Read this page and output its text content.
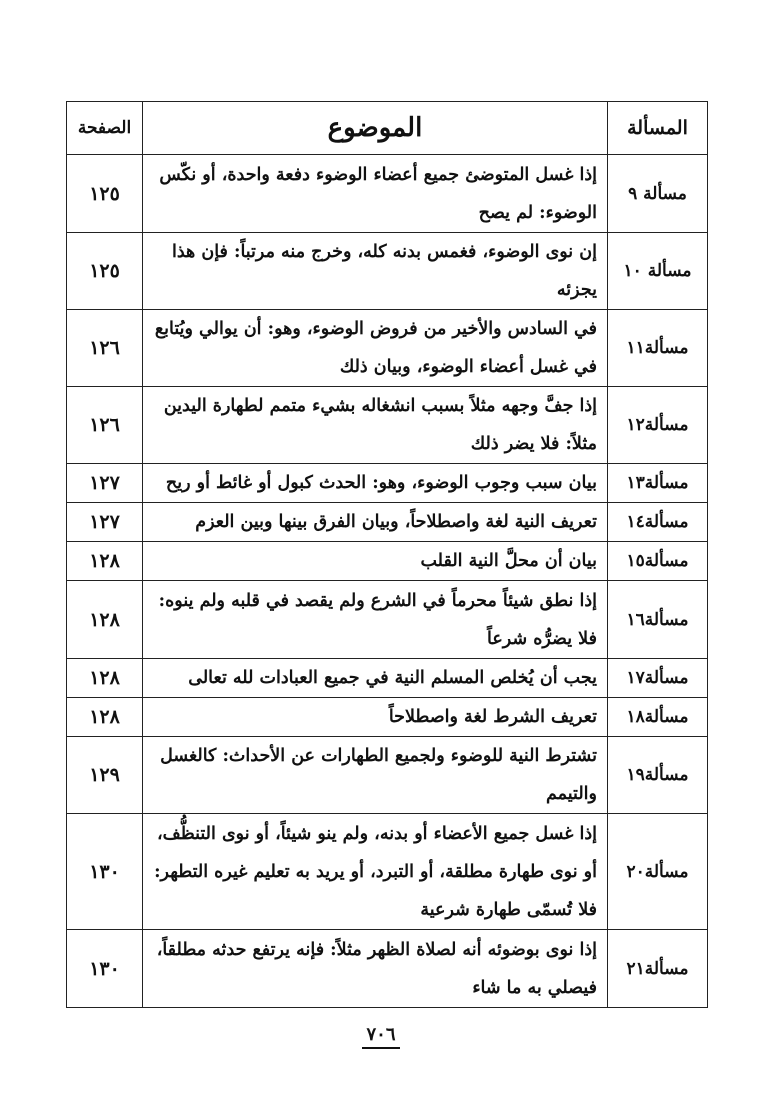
المسألة	الموضوع	الصفحة
مسألة ٩	إذا غسل المتوضئ جميع أعضاء الوضوء دفعة واحدة، أو نكّس الوضوء: لم يصح	١٢٥
مسألة ١٠	إن نوى الوضوء، فغمس بدنه كله، وخرج منه مرتباً: فإن هذا يجزئه	١٢٥
مسألة١١	في السادس والأخير من فروض الوضوء، وهو: أن يوالي ويُتابع في غسل أعضاء الوضوء، وبيان ذلك	١٢٦
مسألة١٢	إذا جفَّ وجهه مثلاً بسبب انشغاله بشيء متمم لطهارة اليدين مثلاً: فلا يضر ذلك	١٢٦
مسألة١٣	بيان سبب وجوب الوضوء، وهو: الحدث كبول أو غائط أو ريح	١٢٧
مسألة١٤	تعريف النية لغة واصطلاحاً، وبيان الفرق بينها وبين العزم	١٢٧
مسألة١٥	بيان أن محلَّ النية القلب	١٢٨
مسألة١٦	إذا نطق شيئاً محرماً في الشرع ولم يقصد في قلبه ولم ينوه: فلا يضرُّه شرعاً	١٢٨
مسألة١٧	يجب أن يُخلص المسلم النية في جميع العبادات لله تعالى	١٢٨
مسألة١٨	تعريف الشرط لغة واصطلاحاً	١٢٨
مسألة١٩	تشترط النية للوضوء ولجميع الطهارات عن الأحداث: كالغسل والتيمم	١٢٩
مسألة٢٠	إذا غسل جميع الأعضاء أو بدنه، ولم ينو شيئاً، أو نوى التنظُّف، أو نوى طهارة مطلقة، أو التبرد، أو يريد به تعليم غيره التطهر: فلا تُسمّى طهارة شرعية	١٣٠
مسألة٢١	إذا نوى بوضوئه أنه لصلاة الظهر مثلاً: فإنه يرتفع حدثه مطلقاً، فيصلي به ما شاء	١٣٠
٧٠٦
